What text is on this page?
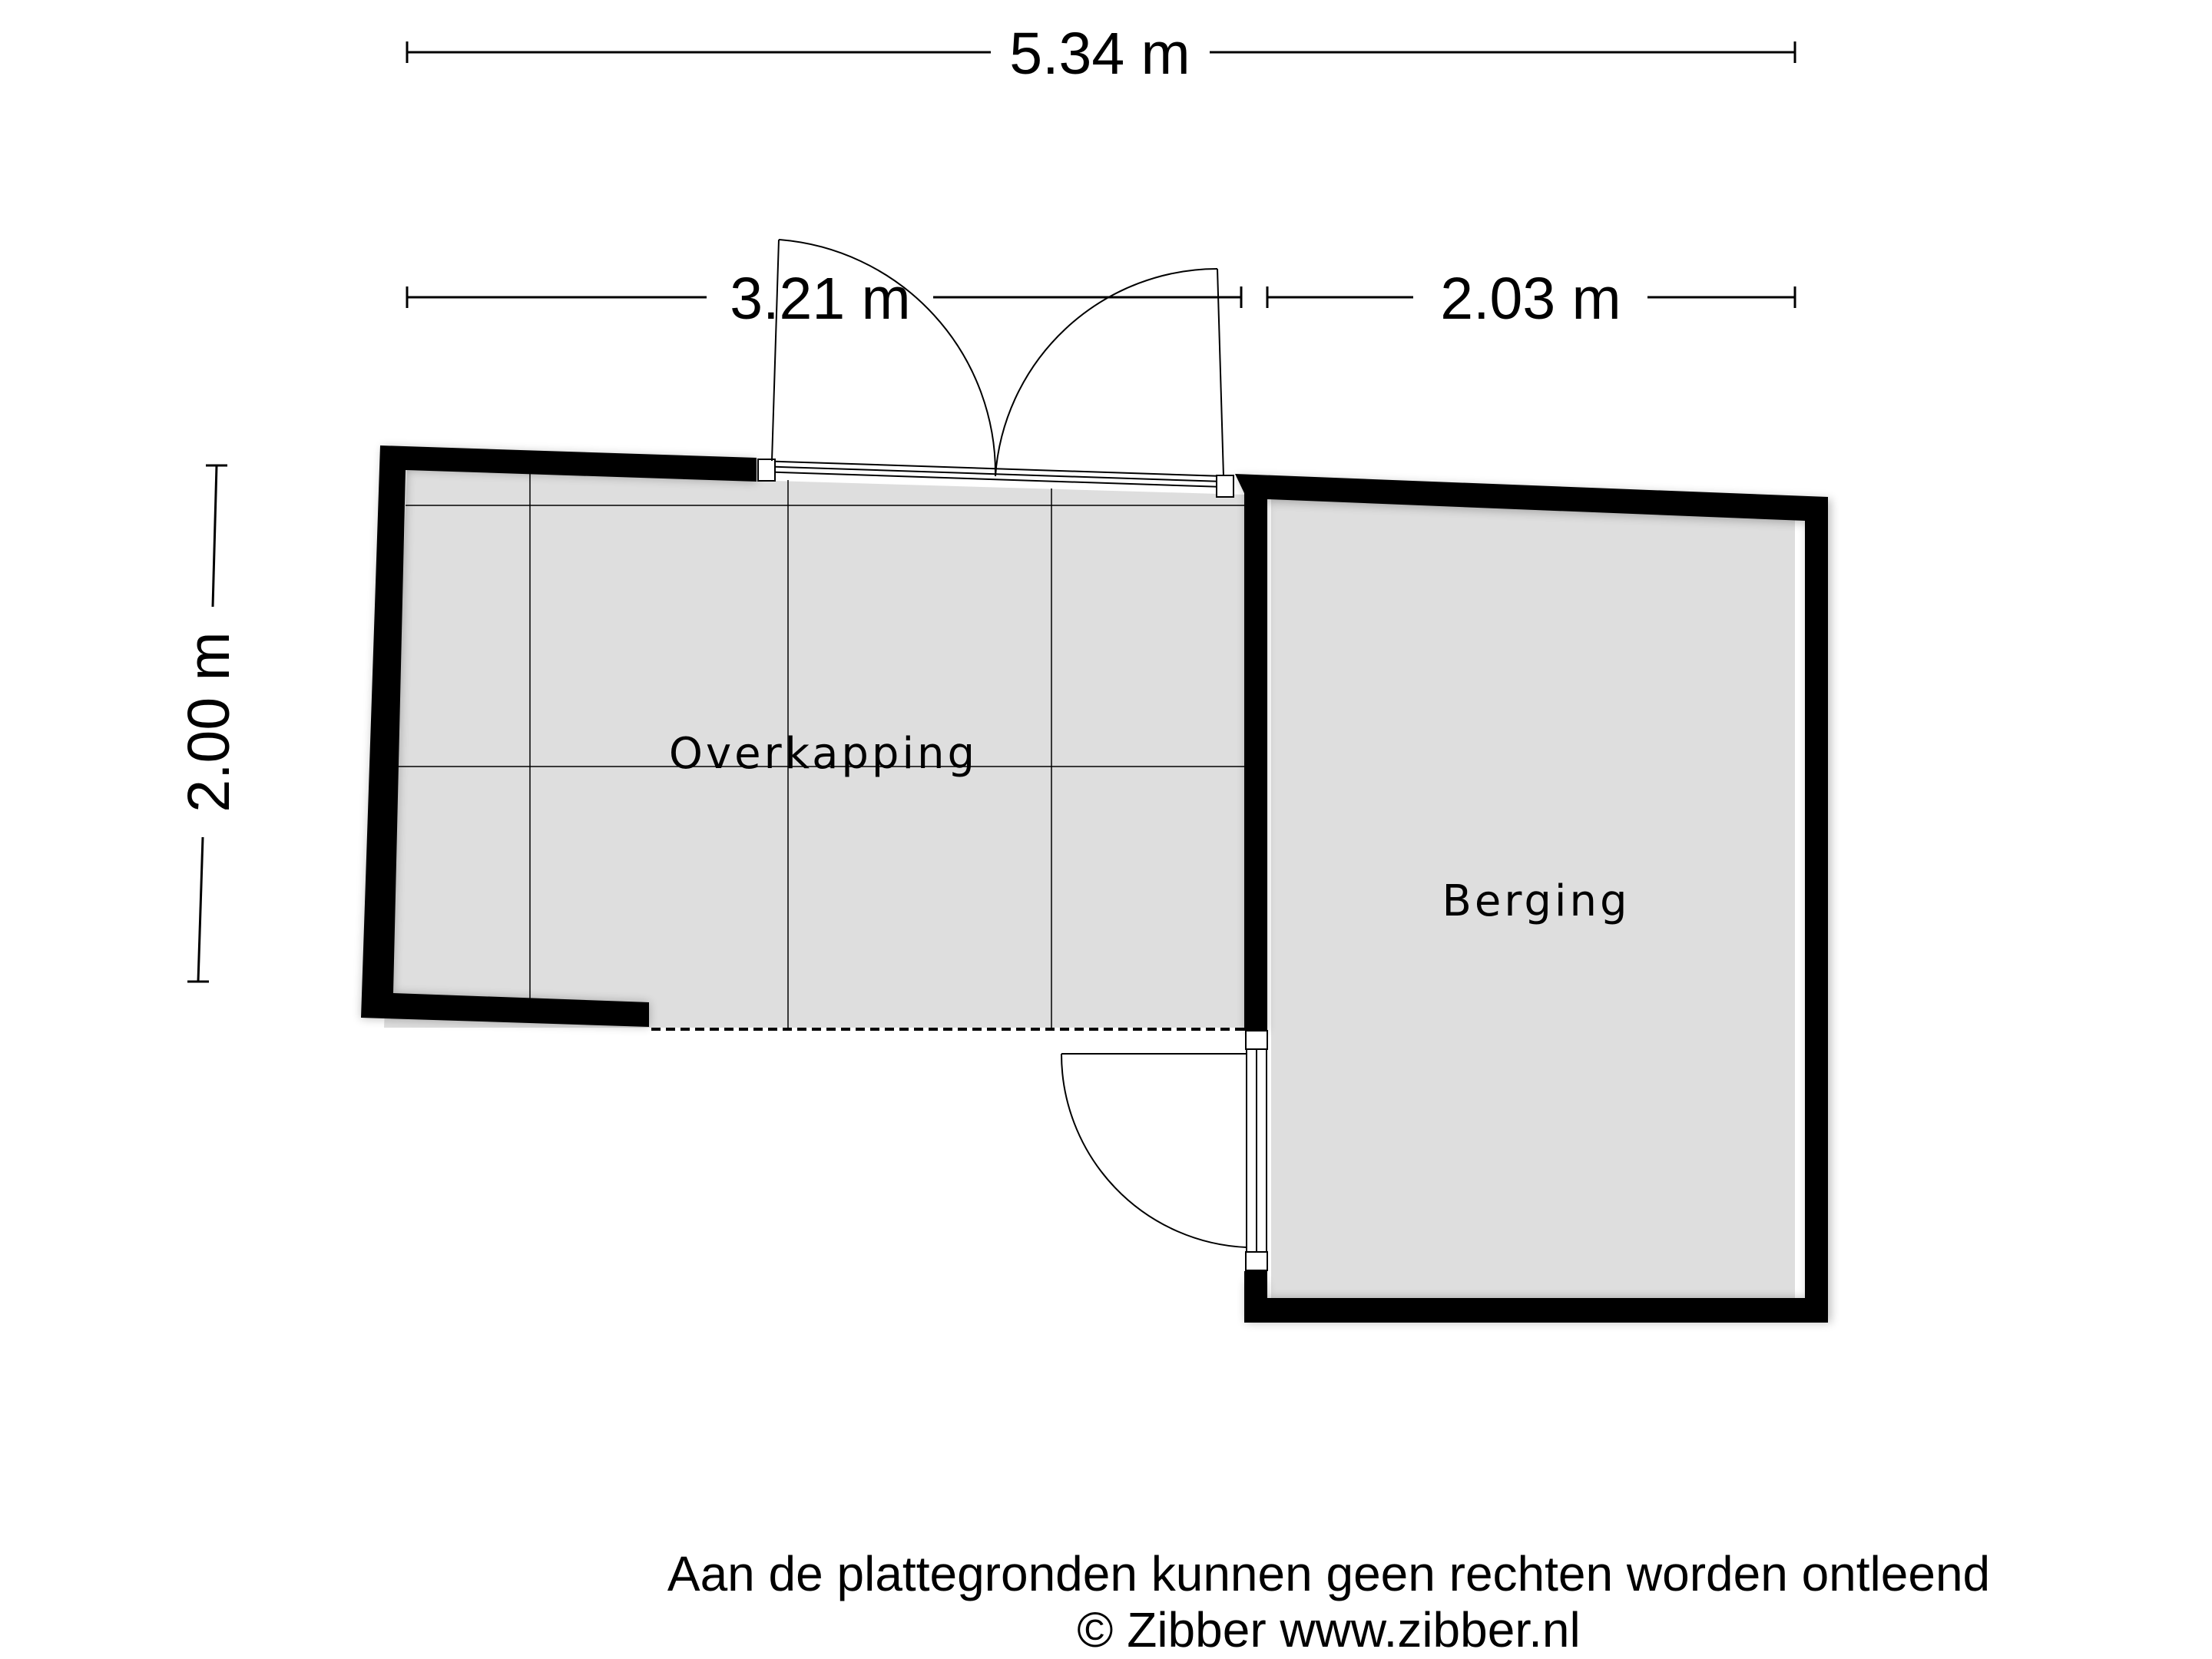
5.34 m
3.21 m	2.03 m
2.00 m	Overkapping
Berging
Aan de plattegronden kunnen geen rechten worden ontleend
© Zibber www.zibber.nl
